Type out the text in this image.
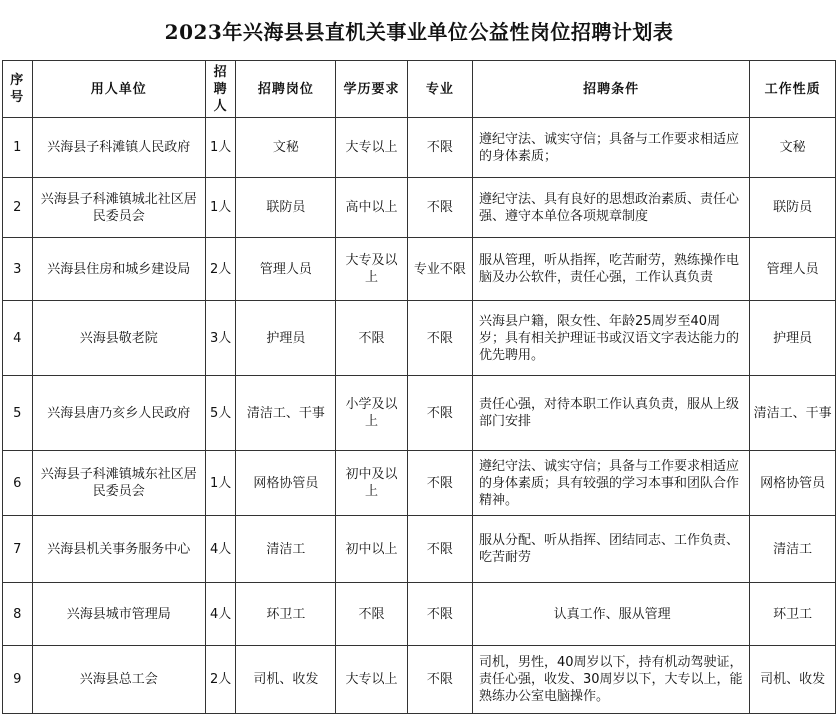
2023年兴海县县直机关事业单位公益性岗位招聘计划表
序号	用人单位	招聘人	招聘岗位	学历要求	专业	招聘条件	工作性质
1	兴海县子科滩镇人民政府	1人	文秘	大专以上	不限	遵纪守法、诚实守信；具备与工作要求相适应的身体素质；	文秘
2	兴海县子科滩镇城北社区居民委员会	1人	联防员	高中以上	不限	遵纪守法、具有良好的思想政治素质、责任心强、遵守本单位各项规章制度	联防员
3	兴海县住房和城乡建设局	2人	管理人员	大专及以上	专业不限	服从管理，听从指挥，吃苦耐劳，熟练操作电脑及办公软件，责任心强，工作认真负责	管理人员
4	兴海县敬老院	3人	护理员	不限	不限	兴海县户籍，限女性、年龄25周岁至40周岁；具有相关护理证书或汉语文字表达能力的优先聘用。	护理员
5	兴海县唐乃亥乡人民政府	5人	清洁工、干事	小学及以上	不限	责任心强，对待本职工作认真负责，服从上级部门安排	清洁工、干事
6	兴海县子科滩镇城东社区居民委员会	1人	网格协管员	初中及以上	不限	遵纪守法、诚实守信；具备与工作要求相适应的身体素质；具有较强的学习本事和团队合作精神。	网格协管员
7	兴海县机关事务服务中心	4人	清洁工	初中以上	不限	服从分配、听从指挥、团结同志、工作负责、吃苦耐劳	清洁工
8	兴海县城市管理局	4人	环卫工	不限	不限	认真工作、服从管理	环卫工
9	兴海县总工会	2人	司机、收发	大专以上	不限	司机，男性，40周岁以下，持有机动驾驶证，责任心强，收发、30周岁以下，大专以上，能熟练办公室电脑操作。	司机、收发
